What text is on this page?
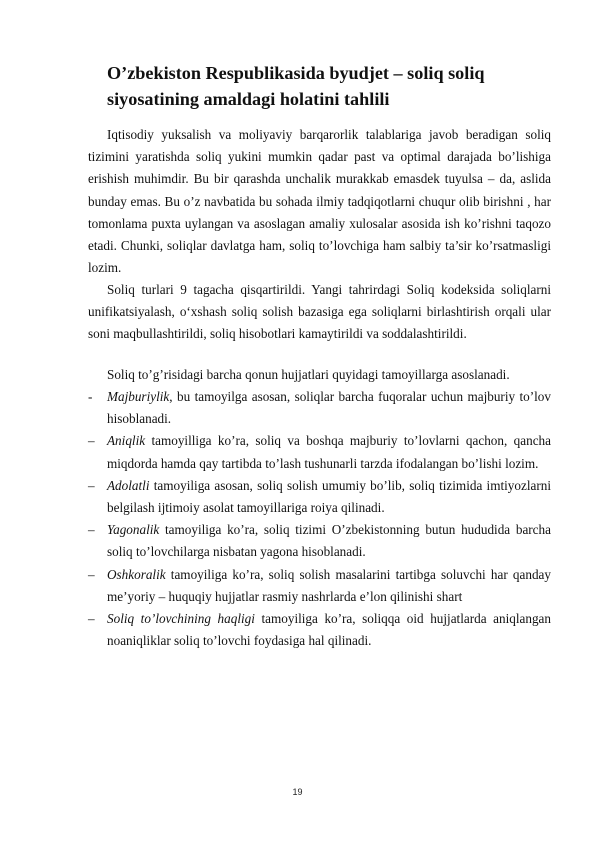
O’zbekiston Respublikasida byudjet – soliq soliq siyosatining amaldagi holatini tahlili

Iqtisodiy yuksalish va moliyaviy barqarorlik talablariga javob beradigan soliq tizimini yaratishda soliq yukini mumkin qadar past va optimal darajada bo’lishiga erishish muhimdir. Bu bir qarashda unchalik murakkab emasdek tuyulsa – da, aslida bunday emas. Bu o’z navbatida bu sohada ilmiy tadqiqotlarni chuqur olib birishni , har tomonlama puxta uylangan va asoslagan amaliy xulosalar asosida ish ko’rishni taqozo etadi. Chunki, soliqlar davlatga ham, soliq to’lovchiga ham salbiy ta’sir ko’rsatmasligi lozim.

Soliq turlari 9 tagacha qisqartirildi. Yangi tahrirdagi Soliq kodeksida soliqlarni unifikatsiyalash, o‘xshash soliq solish bazasiga ega soliqlarni birlashtirish orqali ular soni maqbullashtirildi, soliq hisobotlari kamaytirildi va soddalashtirildi.

Soliq to’g’risidagi barcha qonun hujjatlari quyidagi tamoyillarga asoslanadi.

- Majburiylik, bu tamoyilga asosan, soliqlar barcha fuqoralar uchun majburiy to’lov hisoblanadi.
– Aniqlik tamoyilliga ko’ra, soliq va boshqa majburiy to’lovlarni qachon, qancha miqdorda hamda qay tartibda to’lash tushunarli tarzda ifodalangan bo’lishi lozim.
– Adolatli tamoyiliga asosan, soliq solish umumiy bo’lib, soliq tizimida imtiyozlarni belgilash ijtimoiy asolat tamoyillariga roiya qilinadi.
– Yagonalik tamoyiliga ko’ra, soliq tizimi O’zbekistonning butun hududida barcha soliq to’lovchilarga nisbatan yagona hisoblanadi.
– Oshkoralik tamoyiliga ko’ra, soliq solish masalarini tartibga soluvchi har qanday me’yoriy – huquqiy hujjatlar rasmiy nashrlarda e’lon qilinishi shart
– Soliq to’lovchining haqligi tamoyiliga ko’ra, soliqqa oid hujjatlarda aniqlangan noaniqliklar soliq to’lovchi foydasiga hal qilinadi.
19
